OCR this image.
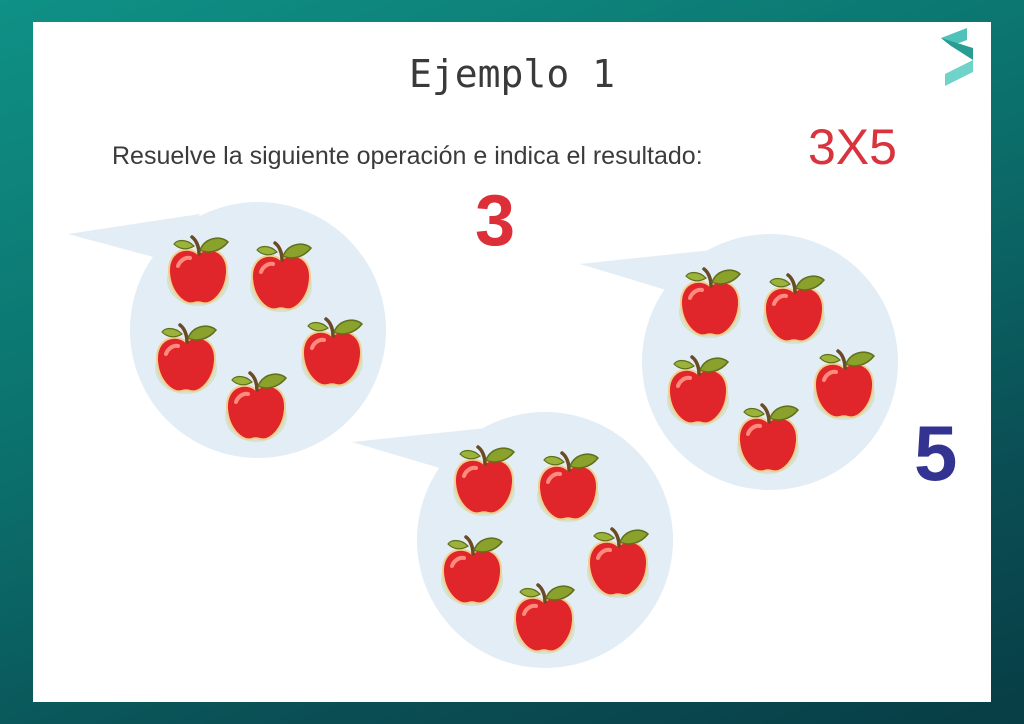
Ejemplo 1
Resuelve la siguiente operación e indica el resultado: 3X5
3
5
